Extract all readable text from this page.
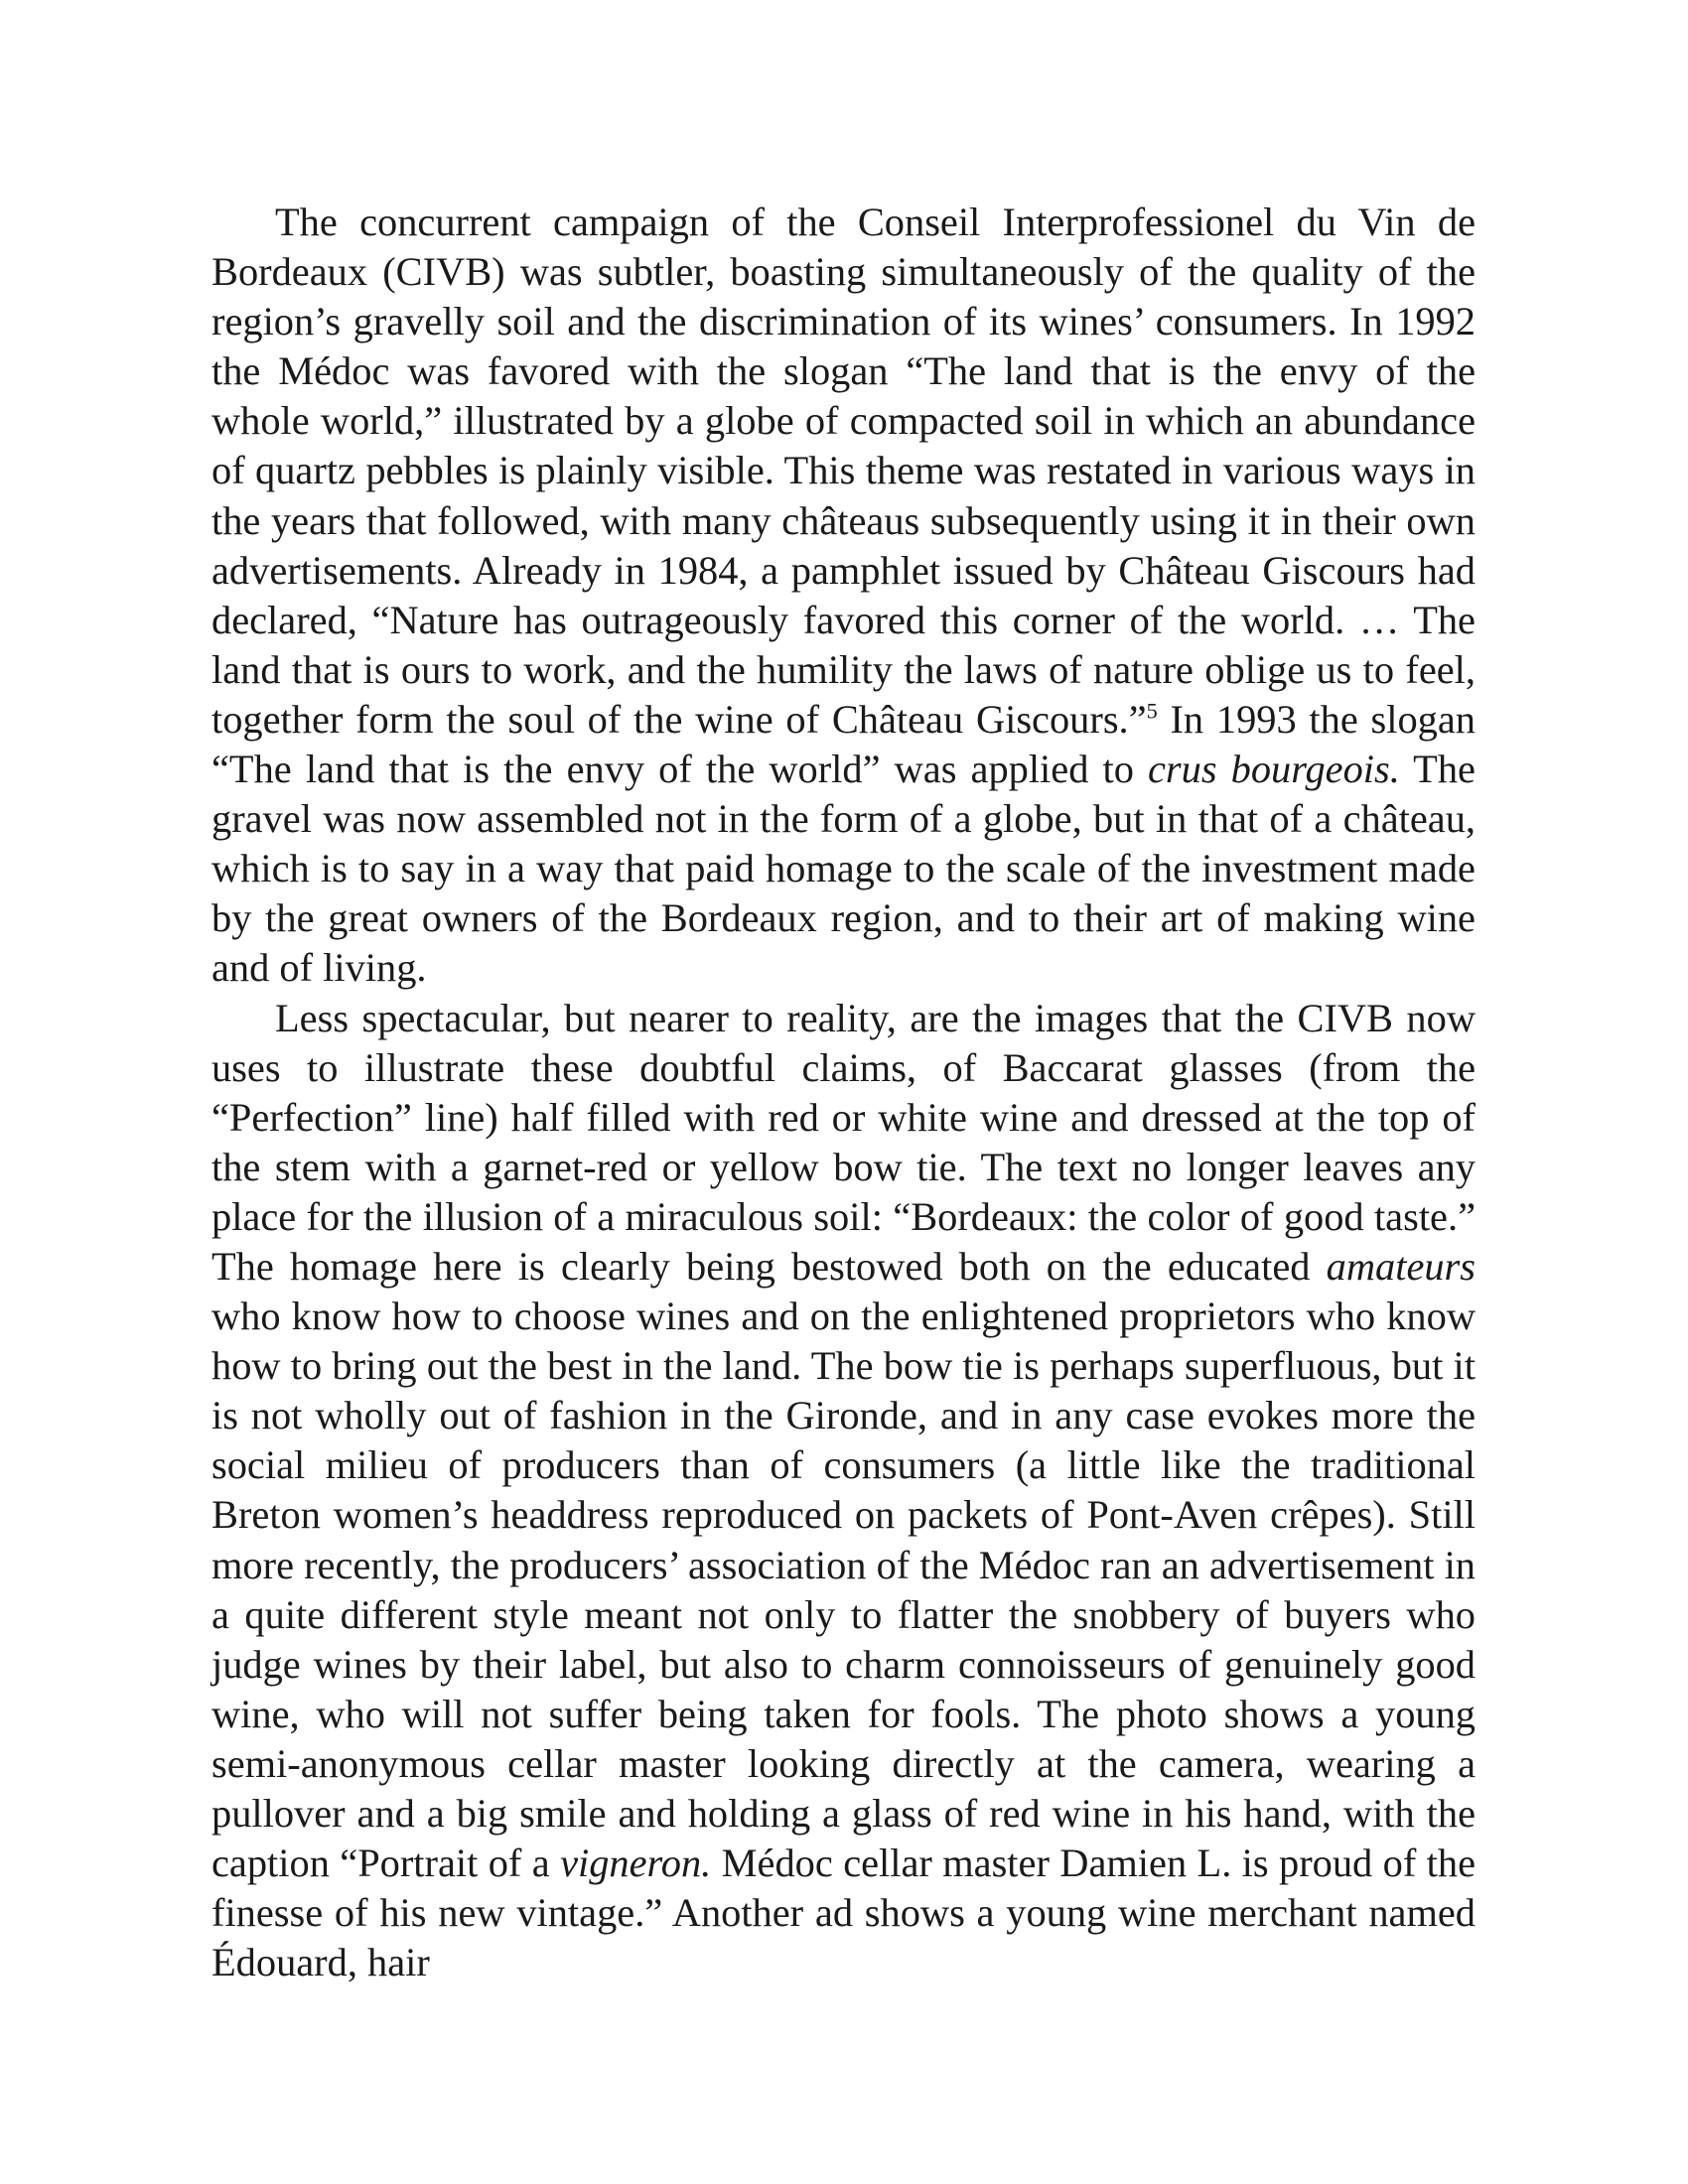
The concurrent campaign of the Conseil Interprofessionel du Vin de Bordeaux (CIVB) was subtler, boasting simultaneously of the quality of the region’s gravelly soil and the discrimination of its wines’ consumers. In 1992 the Médoc was favored with the slogan “The land that is the envy of the whole world,” illustrated by a globe of compacted soil in which an abundance of quartz pebbles is plainly visible. This theme was restated in various ways in the years that followed, with many châteaus subsequently using it in their own advertisements. Already in 1984, a pamphlet issued by Château Giscours had declared, “Nature has outrageously favored this corner of the world. … The land that is ours to work, and the humility the laws of nature oblige us to feel, together form the soul of the wine of Château Giscours.”$^5$ In 1993 the slogan “The land that is the envy of the world” was applied to crus bourgeois. The gravel was now assembled not in the form of a globe, but in that of a château, which is to say in a way that paid homage to the scale of the investment made by the great owners of the Bordeaux region, and to their art of making wine and of living.

Less spectacular, but nearer to reality, are the images that the CIVB now uses to illustrate these doubtful claims, of Baccarat glasses (from the “Perfection” line) half filled with red or white wine and dressed at the top of the stem with a garnet-red or yellow bow tie. The text no longer leaves any place for the illusion of a miraculous soil: “Bordeaux: the color of good taste.” The homage here is clearly being bestowed both on the educated amateurs who know how to choose wines and on the enlightened proprietors who know how to bring out the best in the land. The bow tie is perhaps superfluous, but it is not wholly out of fashion in the Gironde, and in any case evokes more the social milieu of producers than of consumers (a little like the traditional Breton women’s headdress reproduced on packets of Pont-Aven crêpes). Still more recently, the producers’ association of the Médoc ran an advertisement in a quite different style meant not only to flatter the snobbery of buyers who judge wines by their label, but also to charm connoisseurs of genuinely good wine, who will not suffer being taken for fools. The photo shows a young semi-anonymous cellar master looking directly at the camera, wearing a pullover and a big smile and holding a glass of red wine in his hand, with the caption “Portrait of a vigneron. Médoc cellar master Damien L. is proud of the finesse of his new vintage.” Another ad shows a young wine merchant named Édouard, hair
